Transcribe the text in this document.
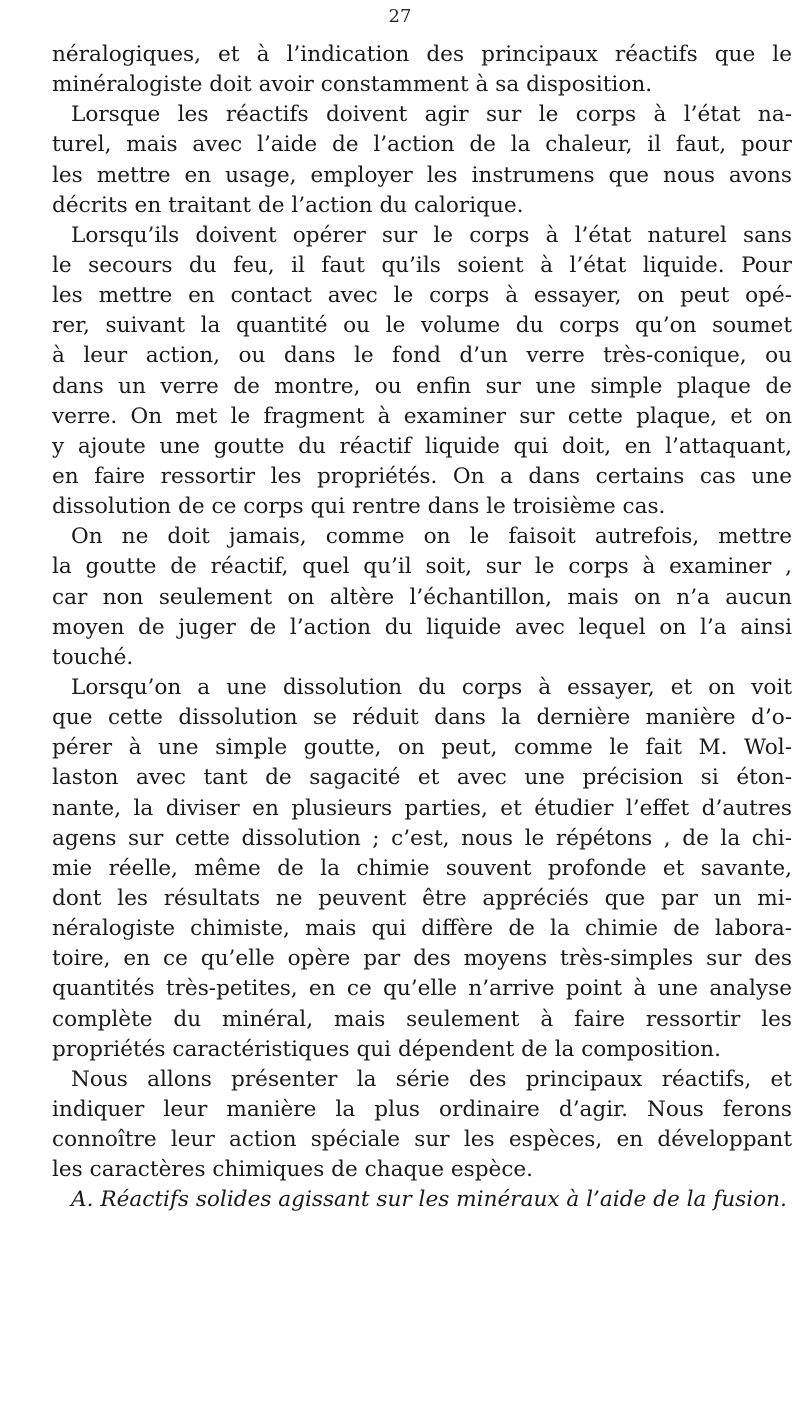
27
néralogiques, et à l’indication des principaux réactifs que le
minéralogiste doit avoir constamment à sa disposition.
Lorsque les réactifs doivent agir sur le corps à l’état na-
turel, mais avec l’aide de l’action de la chaleur, il faut, pour
les mettre en usage, employer les instrumens que nous avons
décrits en traitant de l’action du calorique.
Lorsqu’ils doivent opérer sur le corps à l’état naturel sans
le secours du feu, il faut qu’ils soient à l’état liquide. Pour
les mettre en contact avec le corps à essayer, on peut opé-
rer, suivant la quantité ou le volume du corps qu’on soumet
à leur action, ou dans le fond d’un verre très-conique, ou
dans un verre de montre, ou enfin sur une simple plaque de
verre. On met le fragment à examiner sur cette plaque, et on
y ajoute une goutte du réactif liquide qui doit, en l’attaquant,
en faire ressortir les propriétés. On a dans certains cas une
dissolution de ce corps qui rentre dans le troisième cas.
On ne doit jamais, comme on le faisoit autrefois, mettre
la goutte de réactif, quel qu’il soit, sur le corps à examiner ,
car non seulement on altère l’échantillon, mais on n’a aucun
moyen de juger de l’action du liquide avec lequel on l’a ainsi
touché.
Lorsqu’on a une dissolution du corps à essayer, et on voit
que cette dissolution se réduit dans la dernière manière d’o-
pérer à une simple goutte, on peut, comme le fait M. Wol-
laston avec tant de sagacité et avec une précision si éton-
nante, la diviser en plusieurs parties, et étudier l’effet d’autres
agens sur cette dissolution ; c’est, nous le répétons , de la chi-
mie réelle, même de la chimie souvent profonde et savante,
dont les résultats ne peuvent être appréciés que par un mi-
néralogiste chimiste, mais qui diffère de la chimie de labora-
toire, en ce qu’elle opère par des moyens très-simples sur des
quantités très-petites, en ce qu’elle n’arrive point à une analyse
complète du minéral, mais seulement à faire ressortir les
propriétés caractéristiques qui dépendent de la composition.
Nous allons présenter la série des principaux réactifs, et
indiquer leur manière la plus ordinaire d’agir. Nous ferons
connoître leur action spéciale sur les espèces, en développant
les caractères chimiques de chaque espèce.
A. Réactifs solides agissant sur les minéraux à l’aide de la fusion.
